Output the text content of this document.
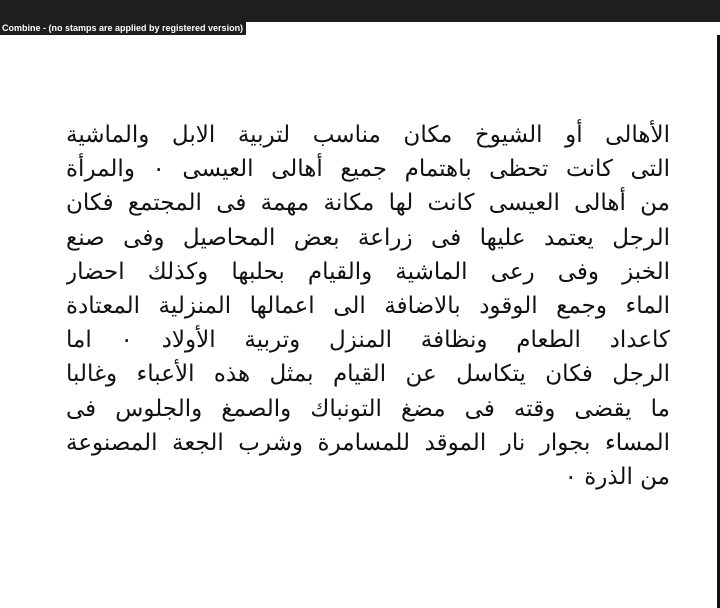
Combine - (no stamps are applied by registered version)
الأهالى أو الشيوخ مكان مناسب لتربية الابل والماشية
التى كانت تحظى باهتمام جميع أهالى العيسى ٠ والمرأة
من أهالى العيسى كانت لها مكانة مهمة فى المجتمع فكان
الرجل يعتمد عليها فى زراعة بعض المحاصيل وفى صنع
الخبز وفى رعى الماشية والقيام بحلبها وكذلك احضار
الماء وجمع الوقود بالاضافة الى اعمالها المنزلية المعتادة
كاعداد الطعام ونظافة المنزل وتربية الأولاد ٠ اما
الرجل فكان يتكاسل عن القيام بمثل هذه الأعباء وغالبا
ما يقضى وقته فى مضغ التونباك والصمغ والجلوس فى
المساء بجوار نار الموقد للمسامرة وشرب الجعة المصنوعة
من الذرة ٠
